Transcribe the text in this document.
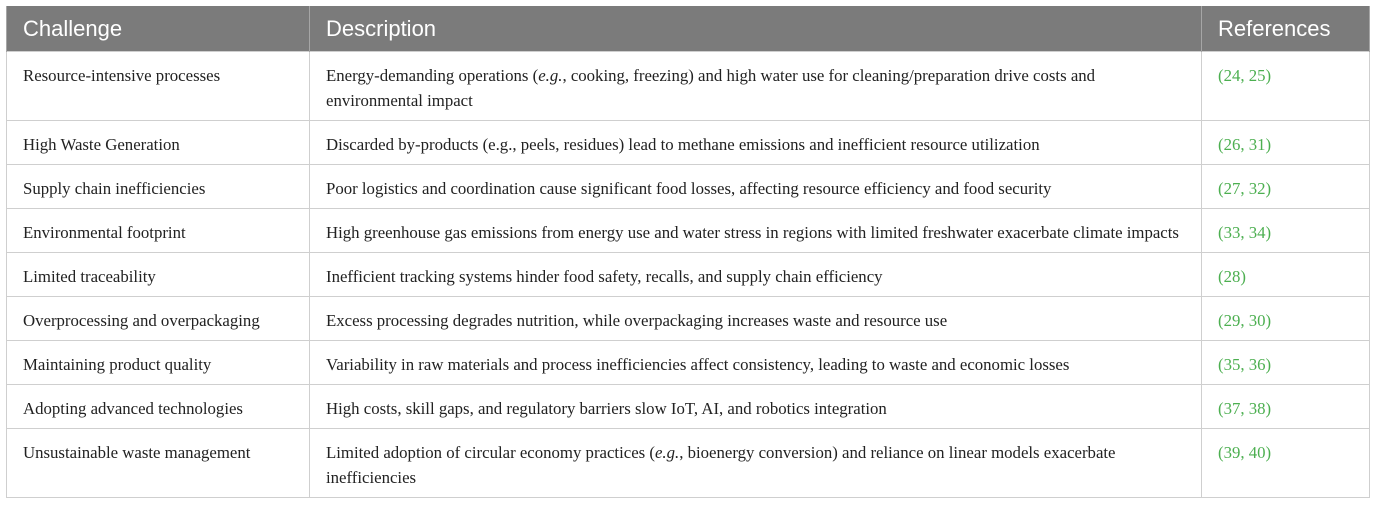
Challenge	Description	References
Resource-intensive processes	Energy-demanding operations (e.g., cooking, freezing) and high water use for cleaning/preparation drive costs and environmental impact	(24, 25)
High Waste Generation	Discarded by-products (e.g., peels, residues) lead to methane emissions and inefficient resource utilization	(26, 31)
Supply chain inefficiencies	Poor logistics and coordination cause significant food losses, affecting resource efficiency and food security	(27, 32)
Environmental footprint	High greenhouse gas emissions from energy use and water stress in regions with limited freshwater exacerbate climate impacts	(33, 34)
Limited traceability	Inefficient tracking systems hinder food safety, recalls, and supply chain efficiency	(28)
Overprocessing and overpackaging	Excess processing degrades nutrition, while overpackaging increases waste and resource use	(29, 30)
Maintaining product quality	Variability in raw materials and process inefficiencies affect consistency, leading to waste and economic losses	(35, 36)
Adopting advanced technologies	High costs, skill gaps, and regulatory barriers slow IoT, AI, and robotics integration	(37, 38)
Unsustainable waste management	Limited adoption of circular economy practices (e.g., bioenergy conversion) and reliance on linear models exacerbate inefficiencies	(39, 40)
